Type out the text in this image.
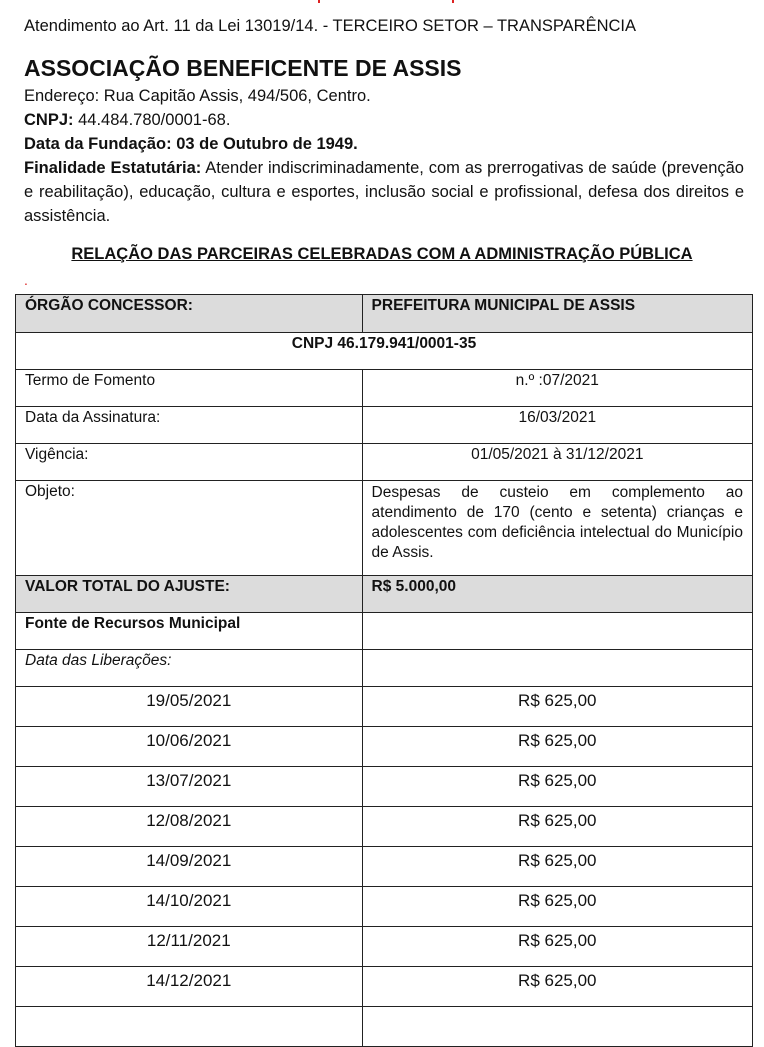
Atendimento ao Art. 11 da Lei 13019/14. - TERCEIRO SETOR – TRANSPARÊNCIA
ASSOCIAÇÃO BENEFICENTE DE ASSIS
Endereço: Rua Capitão Assis, 494/506, Centro.
CNPJ: 44.484.780/0001-68.
Data da Fundação: 03 de Outubro de 1949.
Finalidade Estatutária: Atender indiscriminadamente, com as prerrogativas de saúde (prevenção e reabilitação), educação, cultura e esportes, inclusão social e profissional, defesa dos direitos e assistência.
RELAÇÃO DAS PARCEIRAS CELEBRADAS COM A ADMINISTRAÇÃO PÚBLICA
.
ÓRGÃO CONCESSOR:	PREFEITURA MUNICIPAL DE ASSIS
CNPJ 46.179.941/0001-35	
Termo de Fomento	n.º :07/2021
Data da Assinatura:	16/03/2021
Vigência:	01/05/2021 à 31/12/2021
Objeto:	Despesas de custeio em complemento ao atendimento de 170 (cento e setenta) crianças e adolescentes com deficiência intelectual do Município de Assis.
VALOR TOTAL DO AJUSTE:	R$ 5.000,00
Fonte de Recursos Municipal	
Data das Liberações:	
19/05/2021	R$ 625,00
10/06/2021	R$ 625,00
13/07/2021	R$ 625,00
12/08/2021	R$ 625,00
14/09/2021	R$ 625,00
14/10/2021	R$ 625,00
12/11/2021	R$ 625,00
14/12/2021	R$ 625,00
